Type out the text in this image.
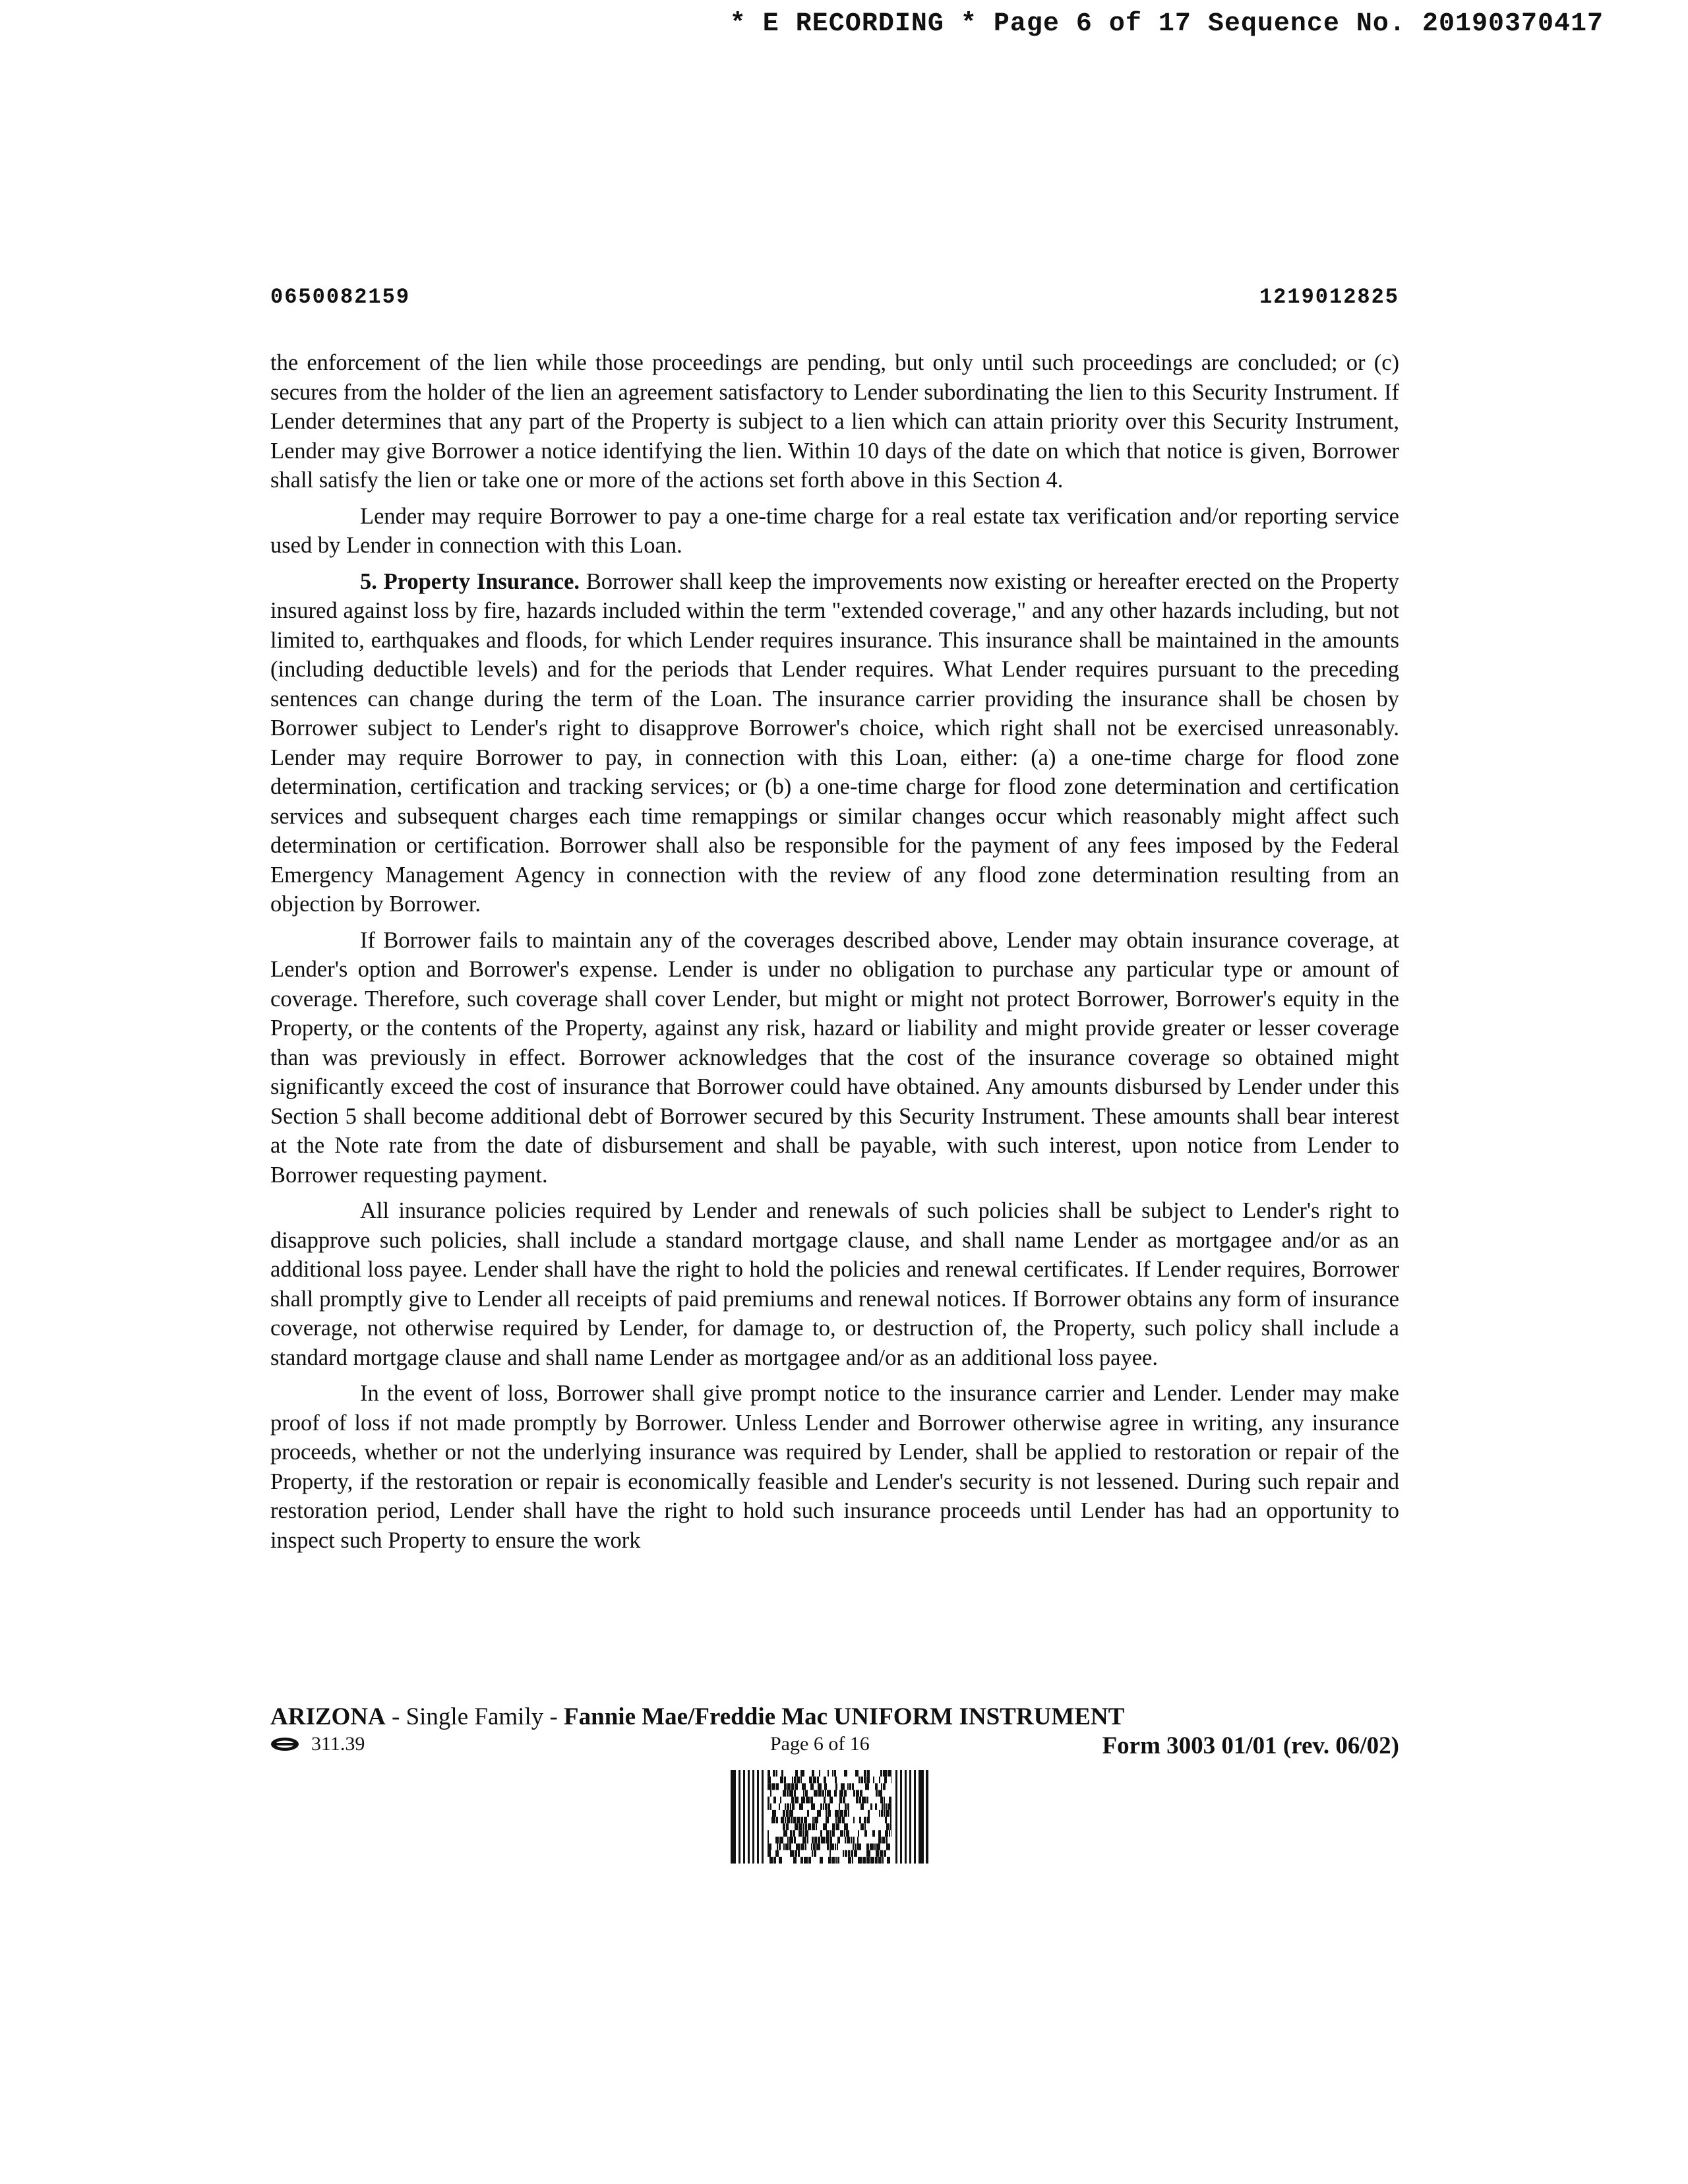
* E RECORDING * Page 6 of 17 Sequence No. 20190370417
0650082159	1219012825

the enforcement of the lien while those proceedings are pending, but only until such proceedings are concluded; or (c) secures from the holder of the lien an agreement satisfactory to Lender subordinating the lien to this Security Instrument. If Lender determines that any part of the Property is subject to a lien which can attain priority over this Security Instrument, Lender may give Borrower a notice identifying the lien. Within 10 days of the date on which that notice is given, Borrower shall satisfy the lien or take one or more of the actions set forth above in this Section 4.

Lender may require Borrower to pay a one-time charge for a real estate tax verification and/or reporting service used by Lender in connection with this Loan.

5. Property Insurance. Borrower shall keep the improvements now existing or hereafter erected on the Property insured against loss by fire, hazards included within the term "extended coverage," and any other hazards including, but not limited to, earthquakes and floods, for which Lender requires insurance. This insurance shall be maintained in the amounts (including deductible levels) and for the periods that Lender requires. What Lender requires pursuant to the preceding sentences can change during the term of the Loan. The insurance carrier providing the insurance shall be chosen by Borrower subject to Lender's right to disapprove Borrower's choice, which right shall not be exercised unreasonably. Lender may require Borrower to pay, in connection with this Loan, either: (a) a one-time charge for flood zone determination, certification and tracking services; or (b) a one-time charge for flood zone determination and certification services and subsequent charges each time remappings or similar changes occur which reasonably might affect such determination or certification. Borrower shall also be responsible for the payment of any fees imposed by the Federal Emergency Management Agency in connection with the review of any flood zone determination resulting from an objection by Borrower.

If Borrower fails to maintain any of the coverages described above, Lender may obtain insurance coverage, at Lender's option and Borrower's expense. Lender is under no obligation to purchase any particular type or amount of coverage. Therefore, such coverage shall cover Lender, but might or might not protect Borrower, Borrower's equity in the Property, or the contents of the Property, against any risk, hazard or liability and might provide greater or lesser coverage than was previously in effect. Borrower acknowledges that the cost of the insurance coverage so obtained might significantly exceed the cost of insurance that Borrower could have obtained. Any amounts disbursed by Lender under this Section 5 shall become additional debt of Borrower secured by this Security Instrument. These amounts shall bear interest at the Note rate from the date of disbursement and shall be payable, with such interest, upon notice from Lender to Borrower requesting payment.

All insurance policies required by Lender and renewals of such policies shall be subject to Lender's right to disapprove such policies, shall include a standard mortgage clause, and shall name Lender as mortgagee and/or as an additional loss payee. Lender shall have the right to hold the policies and renewal certificates. If Lender requires, Borrower shall promptly give to Lender all receipts of paid premiums and renewal notices. If Borrower obtains any form of insurance coverage, not otherwise required by Lender, for damage to, or destruction of, the Property, such policy shall include a standard mortgage clause and shall name Lender as mortgagee and/or as an additional loss payee.

In the event of loss, Borrower shall give prompt notice to the insurance carrier and Lender. Lender may make proof of loss if not made promptly by Borrower. Unless Lender and Borrower otherwise agree in writing, any insurance proceeds, whether or not the underlying insurance was required by Lender, shall be applied to restoration or repair of the Property, if the restoration or repair is economically feasible and Lender's security is not lessened. During such repair and restoration period, Lender shall have the right to hold such insurance proceeds until Lender has had an opportunity to inspect such Property to ensure the work

ARIZONA - Single Family - Fannie Mae/Freddie Mac UNIFORM INSTRUMENT
311.39	Page 6 of 16	Form 3003 01/01 (rev. 06/02)
